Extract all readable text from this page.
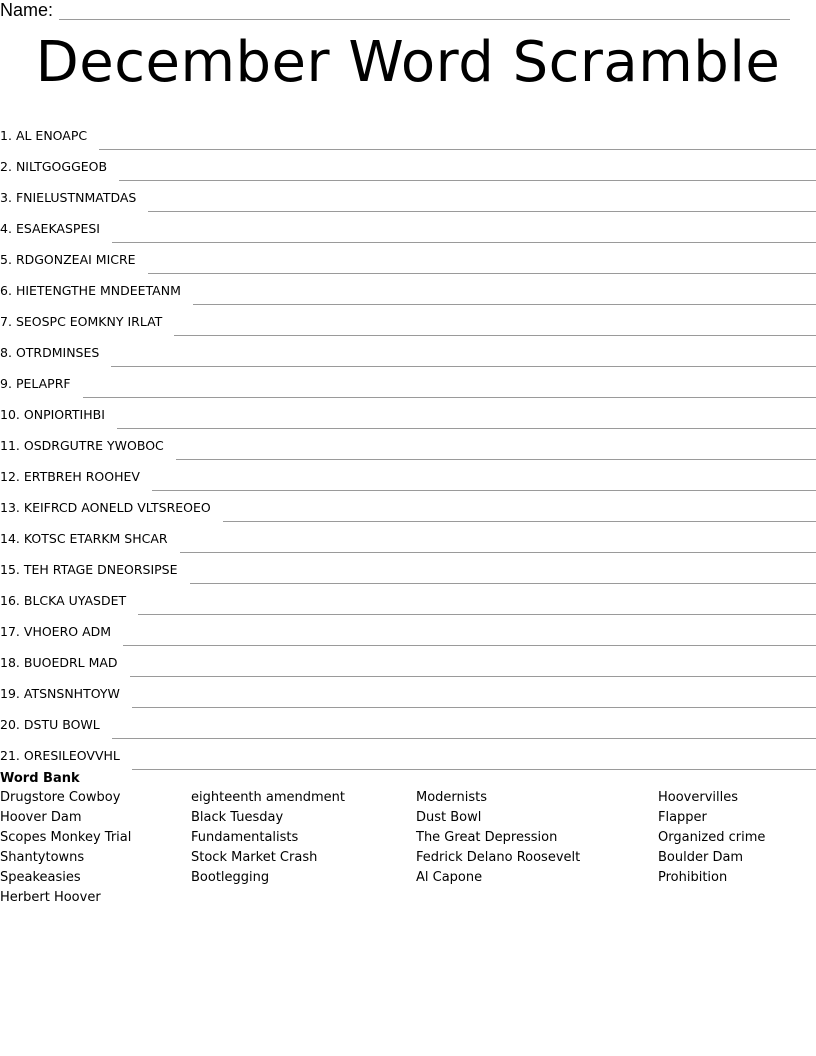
Name:
December Word Scramble
1. AL ENOAPC
2. NILTGOGGEOB
3. FNIELUSTNMATDAS
4. ESAEKASPESI
5. RDGONZEAI MICRE
6. HIETENGTHE MNDEETANM
7. SEOSPC EOMKNY IRLAT
8. OTRDMINSES
9. PELAPRF
10. ONPIORTIHBI
11. OSDRGUTRE YWOBOC
12. ERTBREH ROOHEV
13. KEIFRCD AONELD VLTSREOEO
14. KOTSC ETARKM SHCAR
15. TEH RTAGE DNEORSIPSE
16. BLCKA UYASDET
17. VHOERO ADM
18. BUOEDRL MAD
19. ATSNSNHTOYW
20. DSTU BOWL
21. ORESILEOVVHL
Word Bank
Drugstore Cowboy
Hoover Dam
Scopes Monkey Trial
Shantytowns
Speakeasies
Herbert Hoover
eighteenth amendment
Black Tuesday
Fundamentalists
Stock Market Crash
Bootlegging
Modernists
Dust Bowl
The Great Depression
Fedrick Delano Roosevelt
Al Capone
Hoovervilles
Flapper
Organized crime
Boulder Dam
Prohibition
